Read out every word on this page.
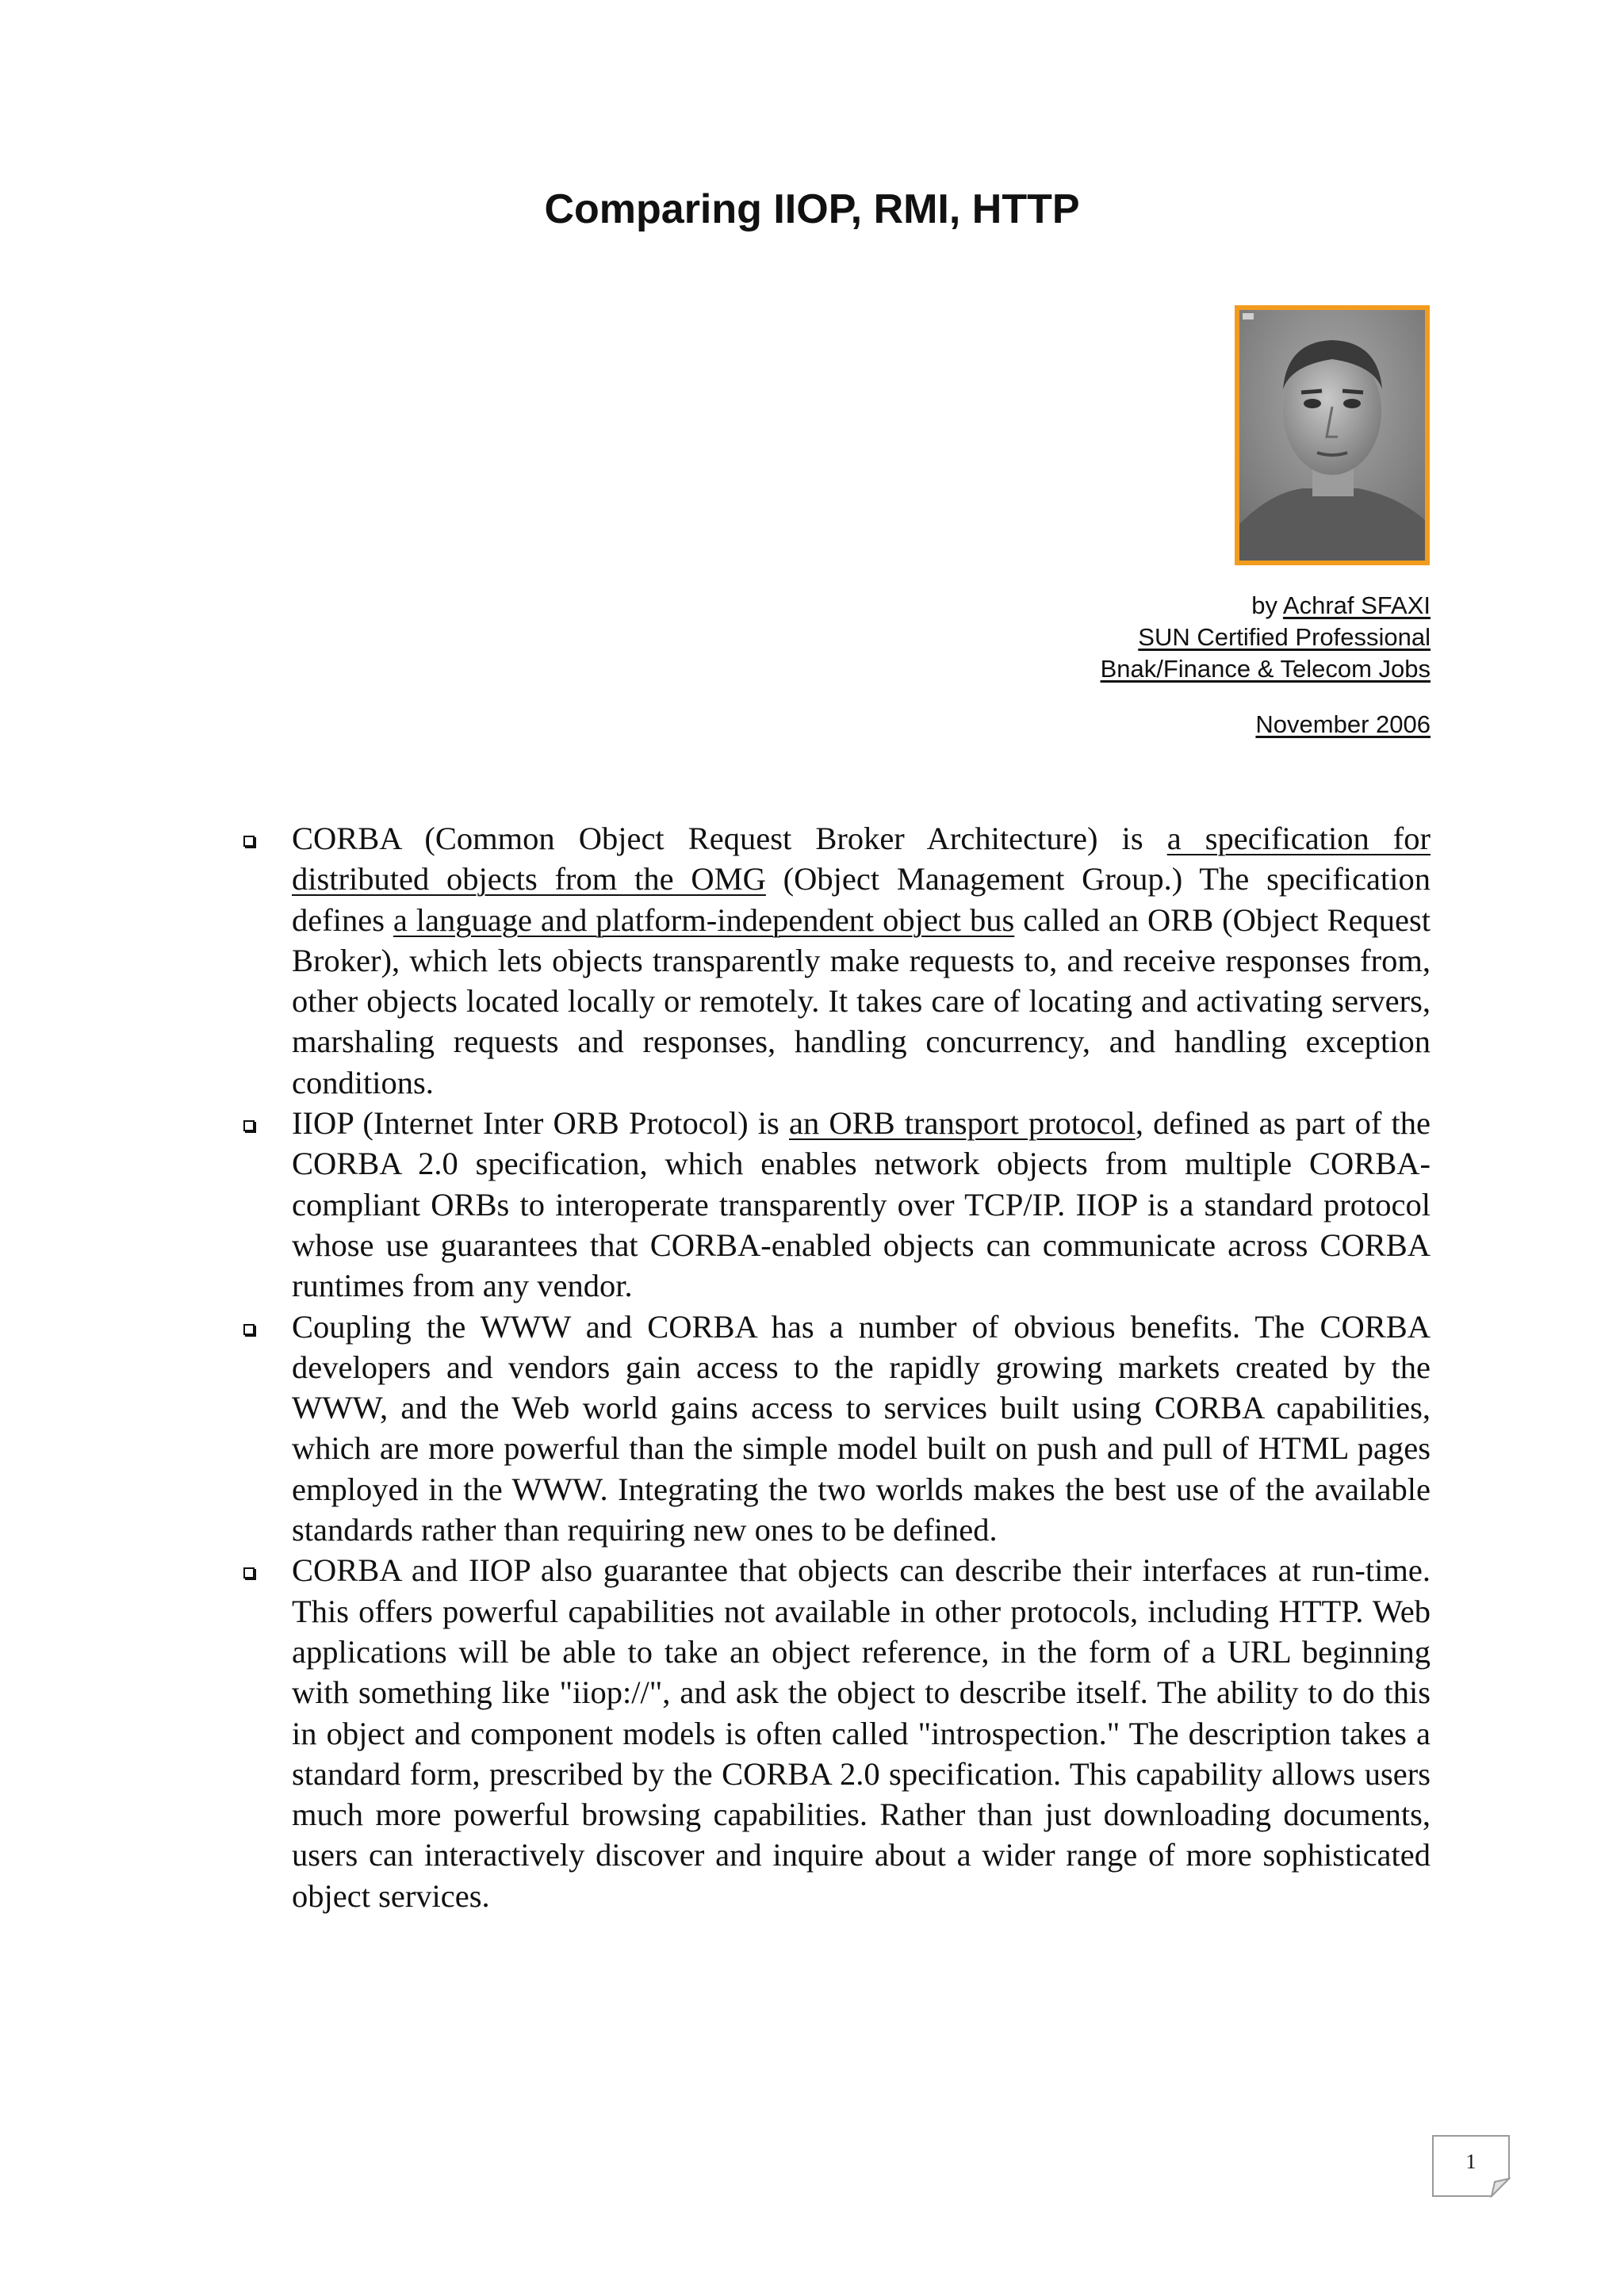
Comparing IIOP, RMI, HTTP
by Achraf SFAXI
SUN Certified Professional
Bnak/Finance & Telecom Jobs
November 2006
CORBA (Common Object Request Broker Architecture) is a specification for distributed objects from the OMG (Object Management Group.) The specification defines a language and platform-independent object bus called an ORB (Object Request Broker), which lets objects transparently make requests to, and receive responses from, other objects located locally or remotely. It takes care of locating and activating servers, marshaling requests and responses, handling concurrency, and handling exception conditions.
IIOP (Internet Inter ORB Protocol) is an ORB transport protocol, defined as part of the CORBA 2.0 specification, which enables network objects from multiple CORBA-compliant ORBs to interoperate transparently over TCP/IP. IIOP is a standard protocol whose use guarantees that CORBA-enabled objects can communicate across CORBA runtimes from any vendor.
Coupling the WWW and CORBA has a number of obvious benefits. The CORBA developers and vendors gain access to the rapidly growing markets created by the WWW, and the Web world gains access to services built using CORBA capabilities, which are more powerful than the simple model built on push and pull of HTML pages employed in the WWW. Integrating the two worlds makes the best use of the available standards rather than requiring new ones to be defined.
CORBA and IIOP also guarantee that objects can describe their interfaces at run-time. This offers powerful capabilities not available in other protocols, including HTTP. Web applications will be able to take an object reference, in the form of a URL beginning with something like "iiop://", and ask the object to describe itself. The ability to do this in object and component models is often called "introspection." The description takes a standard form, prescribed by the CORBA 2.0 specification. This capability allows users much more powerful browsing capabilities. Rather than just downloading documents, users can interactively discover and inquire about a wider range of more sophisticated object services.
1
